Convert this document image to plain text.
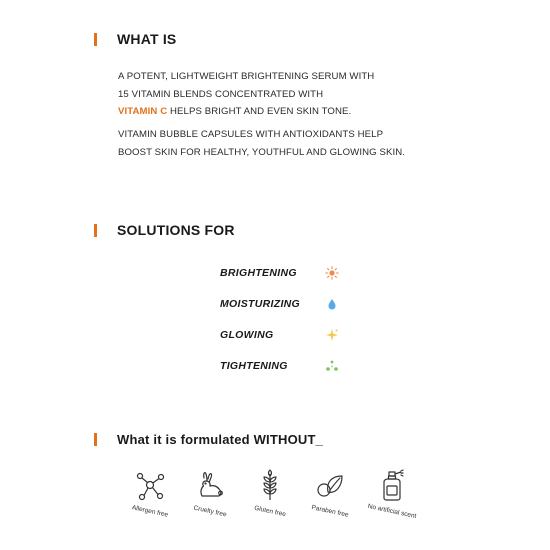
WHAT IS

A POTENT, LIGHTWEIGHT BRIGHTENING SERUM WITH

15 VITAMIN BLENDS CONCENTRATED WITH

VITAMIN C HELPS BRIGHT AND EVEN SKIN TONE.

VITAMIN BUBBLE CAPSULES WITH ANTIOXIDANTS HELP

BOOST SKIN FOR HEALTHY, YOUTHFUL AND GLOWING SKIN.

SOLUTIONS FOR
BRIGHTENING
MOISTURIZING
GLOWING
TIGHTENING
What it is formulated WITHOUT_
Allergen free	Cruelty free	Gluten free	Paraben free	No artificial scent
